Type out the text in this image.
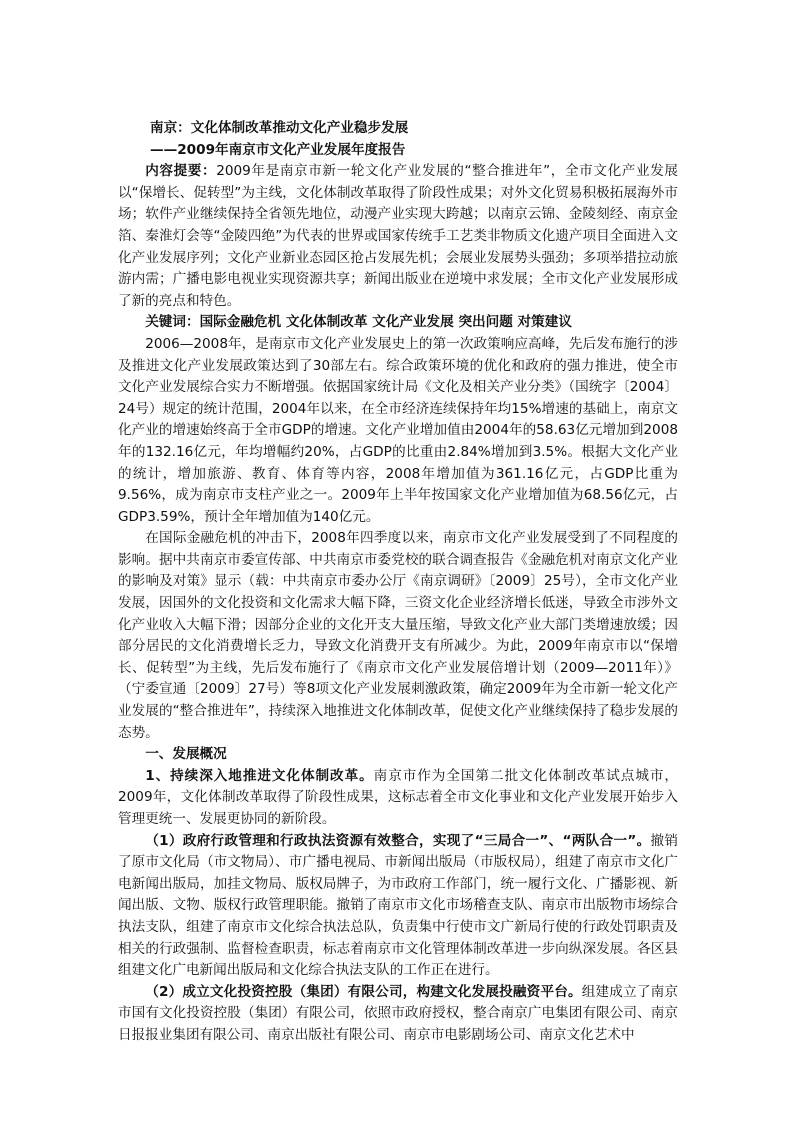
南京：文化体制改革推动文化产业稳步发展

——2009年南京市文化产业发展年度报告

内容提要：2009年是南京市新一轮文化产业发展的“整合推进年”，全市文化产业发展以“保增长、促转型”为主线，文化体制改革取得了阶段性成果；对外文化贸易积极拓展海外市场；软件产业继续保持全省领先地位，动漫产业实现大跨越；以南京云锦、金陵刻经、南京金箔、秦淮灯会等“金陵四绝”为代表的世界或国家传统手工艺类非物质文化遗产项目全面进入文化产业发展序列；文化产业新业态园区抢占发展先机；会展业发展势头强劲；多项举措拉动旅游内需；广播电影电视业实现资源共享；新闻出版业在逆境中求发展；全市文化产业发展形成了新的亮点和特色。

关键词：国际金融危机 文化体制改革 文化产业发展 突出问题 对策建议

2006—2008年，是南京市文化产业发展史上的第一次政策响应高峰，先后发布施行的涉及推进文化产业发展政策达到了30部左右。综合政策环境的优化和政府的强力推进，使全市文化产业发展综合实力不断增强。依据国家统计局《文化及相关产业分类》（国统字〔2004〕24号）规定的统计范围，2004年以来，在全市经济连续保持年均15%增速的基础上，南京文化产业的增速始终高于全市GDP的增速。文化产业增加值由2004年的58.63亿元增加到2008年的132.16亿元，年均增幅约20%，占GDP的比重由2.84%增加到3.5%。根据大文化产业的统计，增加旅游、教育、体育等内容，2008年增加值为361.16亿元，占GDP比重为9.56%，成为南京市支柱产业之一。2009年上半年按国家文化产业增加值为68.56亿元，占GDP3.59%，预计全年增加值为140亿元。

在国际金融危机的冲击下，2008年四季度以来，南京市文化产业发展受到了不同程度的影响。据中共南京市委宣传部、中共南京市委党校的联合调查报告《金融危机对南京文化产业的影响及对策》显示（载：中共南京市委办公厅《南京调研》〔2009〕25号），全市文化产业发展，因国外的文化投资和文化需求大幅下降，三资文化企业经济增长低迷，导致全市涉外文化产业收入大幅下滑；因部分企业的文化开支大量压缩，导致文化产业大部门类增速放缓；因部分居民的文化消费增长乏力，导致文化消费开支有所减少。为此，2009年南京市以“保增长、促转型”为主线，先后发布施行了《南京市文化产业发展倍增计划（2009—2011年）》（宁委宣通〔2009〕27号）等8项文化产业发展刺激政策，确定2009年为全市新一轮文化产业发展的“整合推进年”，持续深入地推进文化体制改革，促使文化产业继续保持了稳步发展的态势。

一、发展概况

1、持续深入地推进文化体制改革。南京市作为全国第二批文化体制改革试点城市，2009年，文化体制改革取得了阶段性成果，这标志着全市文化事业和文化产业发展开始步入管理更统一、发展更协同的新阶段。

（1）政府行政管理和行政执法资源有效整合，实现了“三局合一”、“两队合一”。撤销了原市文化局（市文物局）、市广播电视局、市新闻出版局（市版权局），组建了南京市文化广电新闻出版局，加挂文物局、版权局牌子，为市政府工作部门，统一履行文化、广播影视、新闻出版、文物、版权行政管理职能。撤销了南京市文化市场稽查支队、南京市出版物市场综合执法支队，组建了南京市文化综合执法总队，负责集中行使市文广新局行使的行政处罚职责及相关的行政强制、监督检查职责，标志着南京市文化管理体制改革进一步向纵深发展。各区县组建文化广电新闻出版局和文化综合执法支队的工作正在进行。

（2）成立文化投资控股（集团）有限公司，构建文化发展投融资平台。组建成立了南京市国有文化投资控股（集团）有限公司，依照市政府授权，整合南京广电集团有限公司、南京日报报业集团有限公司、南京出版社有限公司、南京市电影剧场公司、南京文化艺术中
